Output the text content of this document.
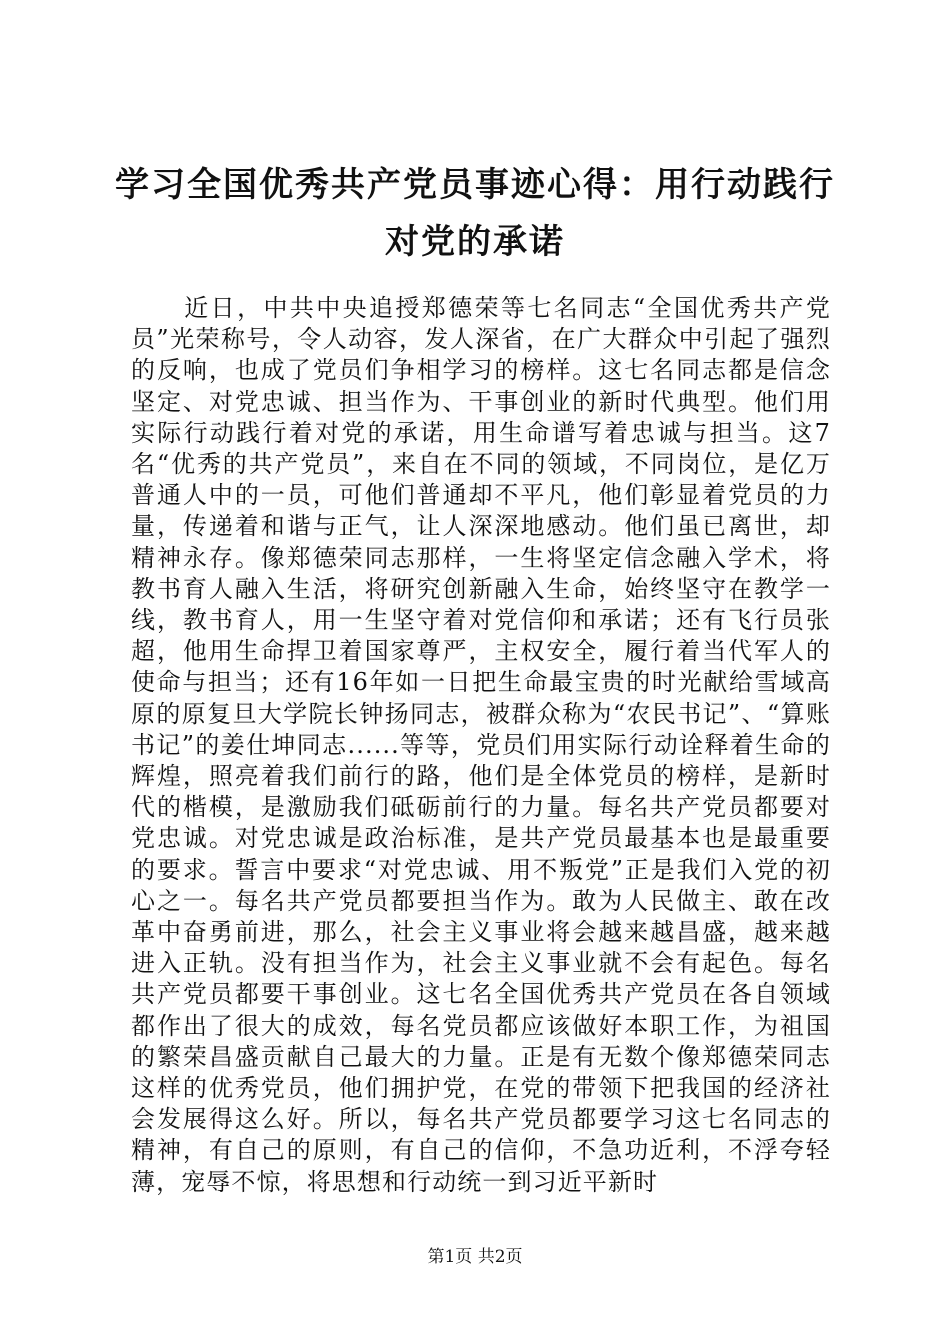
学习全国优秀共产党员事迹心得：用行动践行
对党的承诺

近日，中共中央追授郑德荣等七名同志“全国优秀共产党员”光荣称号，令人动容，发人深省，在广大群众中引起了强烈的反响，也成了党员们争相学习的榜样。这七名同志都是信念坚定、对党忠诚、担当作为、干事创业的新时代典型。他们用实际行动践行着对党的承诺，用生命谱写着忠诚与担当。这7名“优秀的共产党员”，来自在不同的领域，不同岗位，是亿万普通人中的一员，可他们普通却不平凡，他们彰显着党员的力量，传递着和谐与正气，让人深深地感动。他们虽已离世，却精神永存。像郑德荣同志那样，一生将坚定信念融入学术，将教书育人融入生活，将研究创新融入生命，始终坚守在教学一线，教书育人，用一生坚守着对党信仰和承诺；还有飞行员张超，他用生命捍卫着国家尊严，主权安全，履行着当代军人的使命与担当；还有16年如一日把生命最宝贵的时光献给雪域高原的原复旦大学院长钟扬同志，被群众称为“农民书记”、“算账书记”的姜仕坤同志......等等，党员们用实际行动诠释着生命的辉煌，照亮着我们前行的路，他们是全体党员的榜样，是新时代的楷模，是激励我们砥砺前行的力量。每名共产党员都要对党忠诚。对党忠诚是政治标准，是共产党员最基本也是最重要的要求。誓言中要求“对党忠诚、用不叛党”正是我们入党的初心之一。每名共产党员都要担当作为。敢为人民做主、敢在改革中奋勇前进，那么，社会主义事业将会越来越昌盛，越来越进入正轨。没有担当作为，社会主义事业就不会有起色。每名共产党员都要干事创业。这七名全国优秀共产党员在各自领域都作出了很大的成效，每名党员都应该做好本职工作，为祖国的繁荣昌盛贡献自己最大的力量。正是有无数个像郑德荣同志这样的优秀党员，他们拥护党，在党的带领下把我国的经济社会发展得这么好。所以，每名共产党员都要学习这七名同志的精神，有自己的原则，有自己的信仰，不急功近利，不浮夸轻薄，宠辱不惊，将思想和行动统一到习近平新时

第1页 共2页
